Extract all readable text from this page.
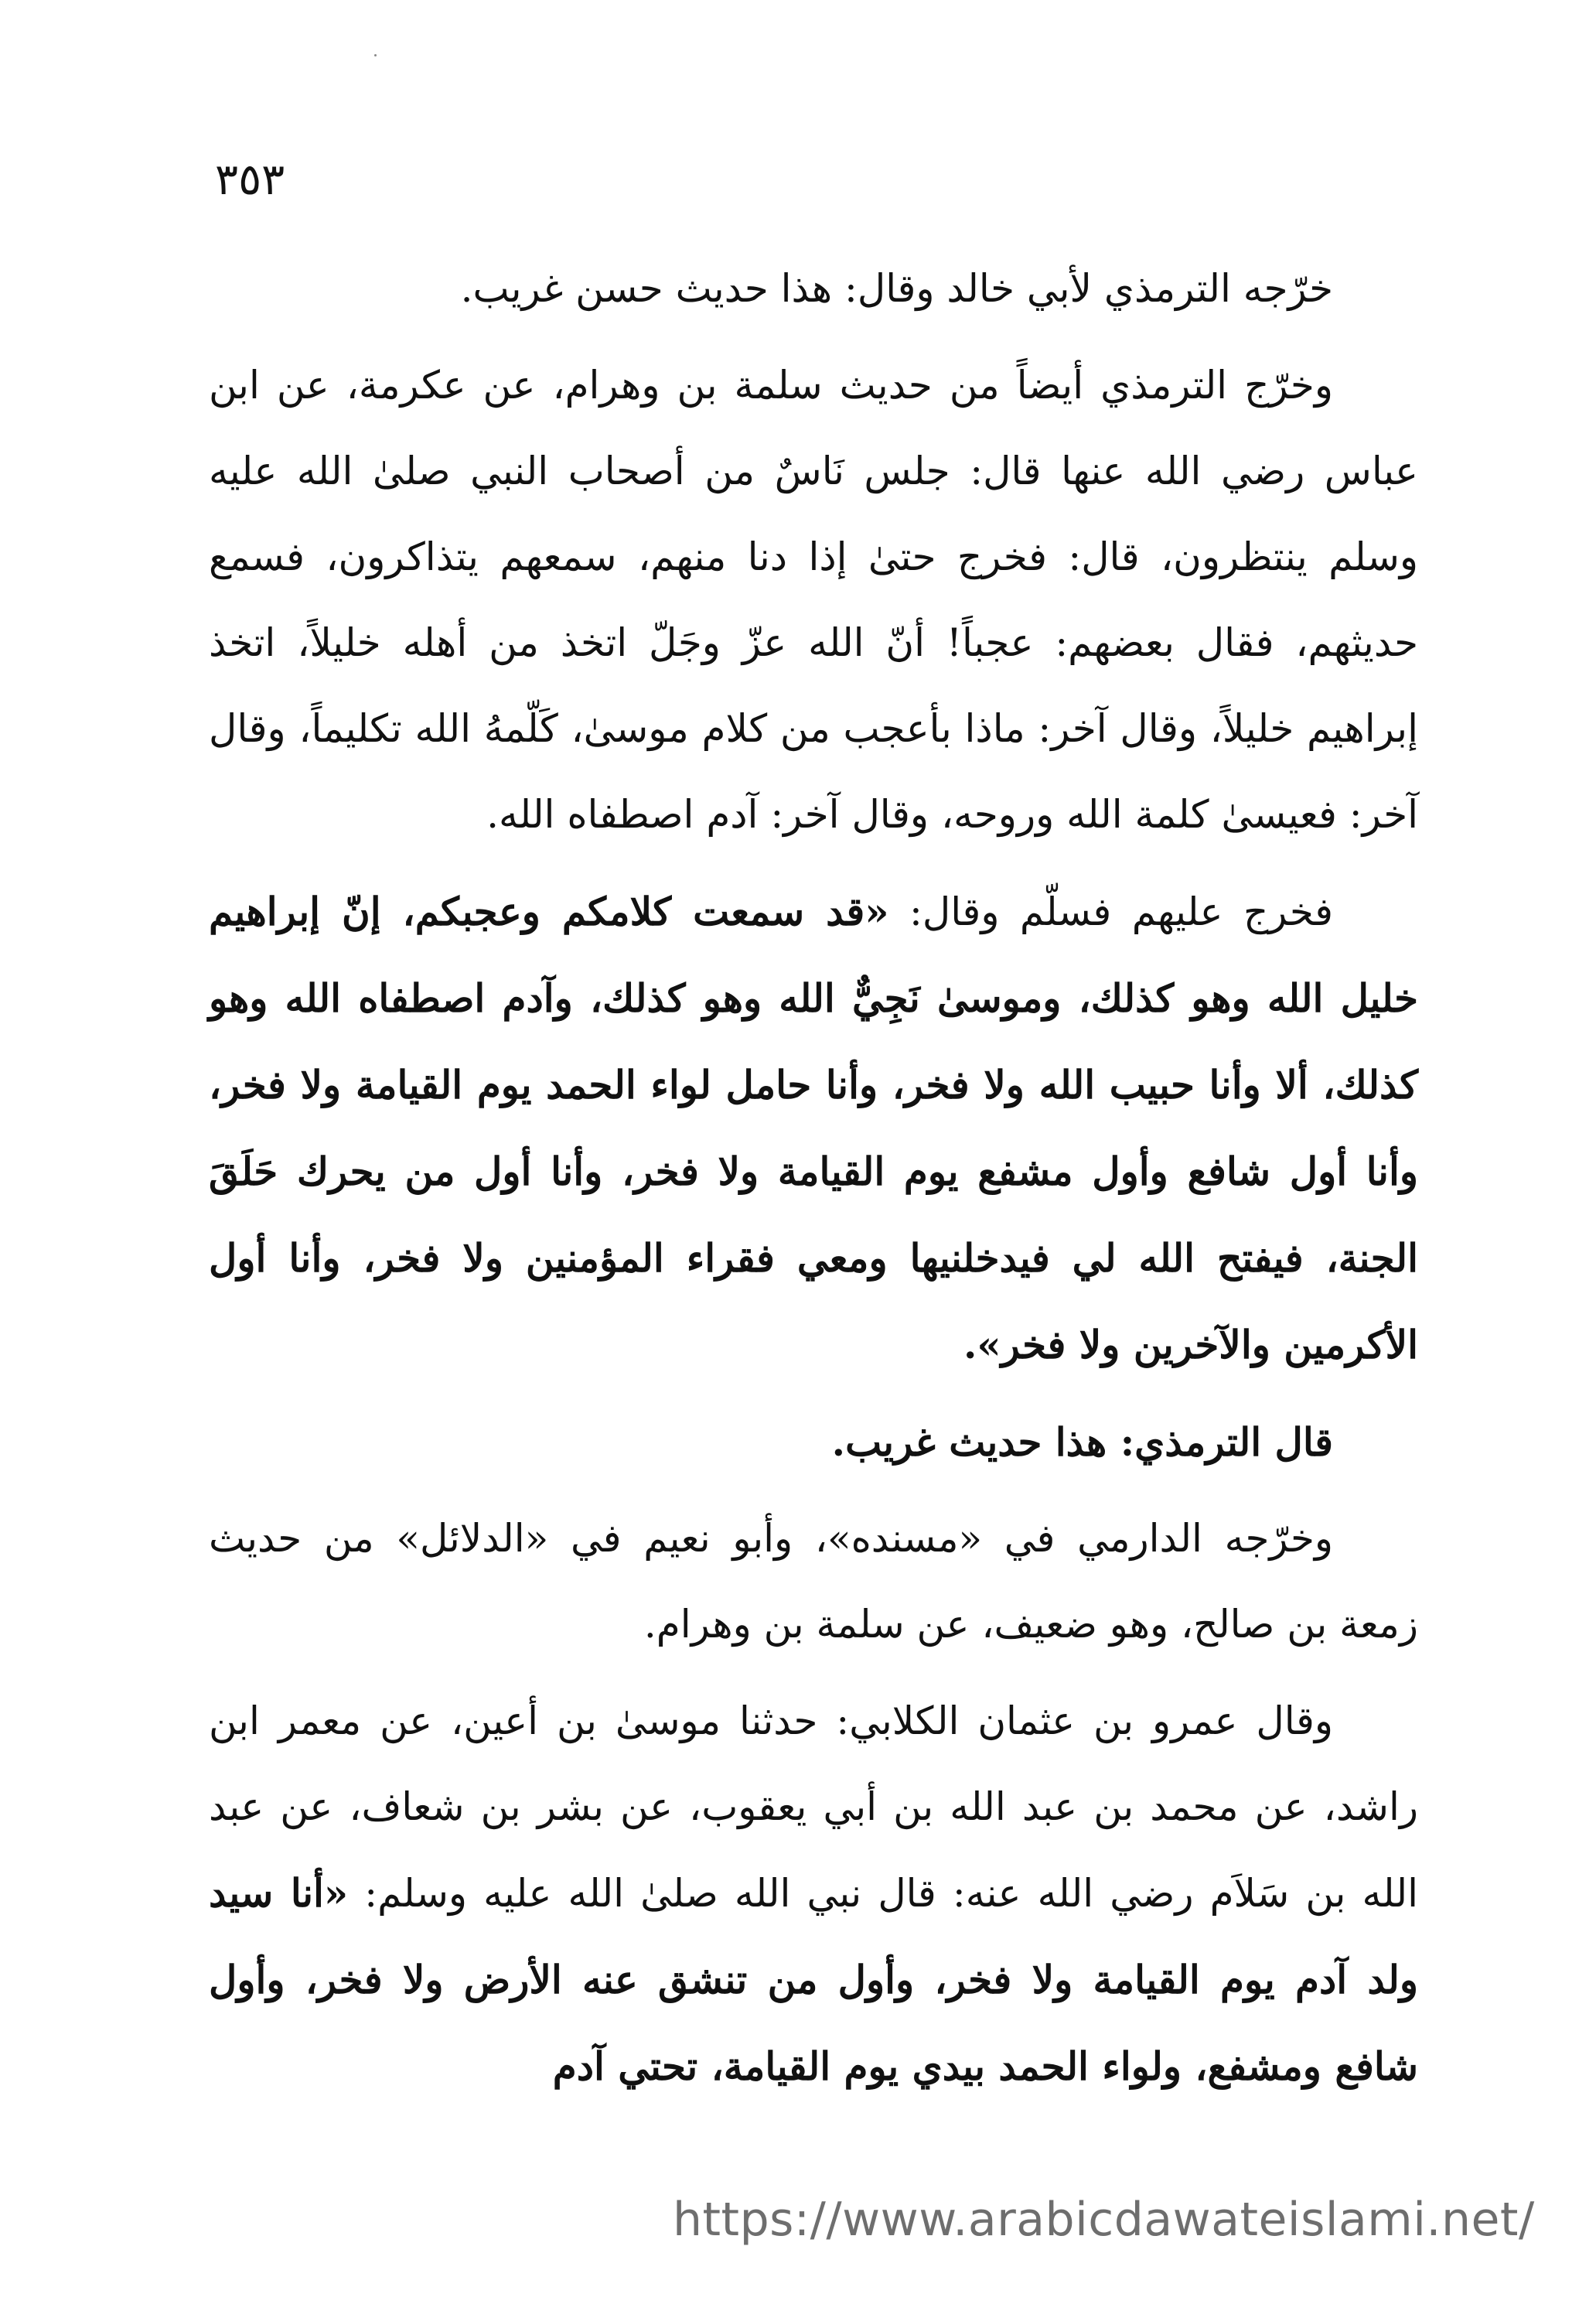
٣٥٣

خرّجه الترمذي لأبي خالد وقال: هذا حديث حسن غريب.

وخرّج الترمذي أيضاً من حديث سلمة بن وهرام، عن عكرمة، عن ابن عباس رضي الله عنها قال: جلس نَاسٌ من أصحاب النبي صلىٰ الله عليه وسلم ينتظرون، قال: فخرج حتىٰ إذا دنا منهم، سمعهم يتذاكرون، فسمع حديثهم، فقال بعضهم: عجباً! أنّ الله عزّ وجَلّ اتخذ من أهله خليلاً، اتخذ إبراهيم خليلاً، وقال آخر: ماذا بأعجب من كلام موسىٰ، كَلّمهُ الله تكليماً، وقال آخر: فعيسىٰ كلمة الله وروحه، وقال آخر: آدم اصطفاه الله.

فخرج عليهم فسلّم وقال: «قد سمعت كلامكم وعجبكم، إنّ إبراهيم خليل الله وهو كذلك، وموسىٰ نَجِيٌّ الله وهو كذلك، وآدم اصطفاه الله وهو كذلك، ألا وأنا حبيب الله ولا فخر، وأنا حامل لواء الحمد يوم القيامة ولا فخر، وأنا أول شافع وأول مشفع يوم القيامة ولا فخر، وأنا أول من يحرك حَلَقَ الجنة، فيفتح الله لي فيدخلنيها ومعي فقراء المؤمنين ولا فخر، وأنا أول الأكرمين والآخرين ولا فخر».

قال الترمذي: هذا حديث غريب.

وخرّجه الدارمي في «مسنده»، وأبو نعيم في «الدلائل» من حديث زمعة بن صالح، وهو ضعيف، عن سلمة بن وهرام.

وقال عمرو بن عثمان الكلابي: حدثنا موسىٰ بن أعين، عن معمر ابن راشد، عن محمد بن عبد الله بن أبي يعقوب، عن بشر بن شعاف، عن عبد الله بن سَلاَم رضي الله عنه: قال نبي الله صلىٰ الله عليه وسلم: «أنا سيد ولد آدم يوم القيامة ولا فخر، وأول من تنشق عنه الأرض ولا فخر، وأول شافع ومشفع، ولواء الحمد بيدي يوم القيامة، تحتي آدم

https://www.arabicdawateislami.net/
